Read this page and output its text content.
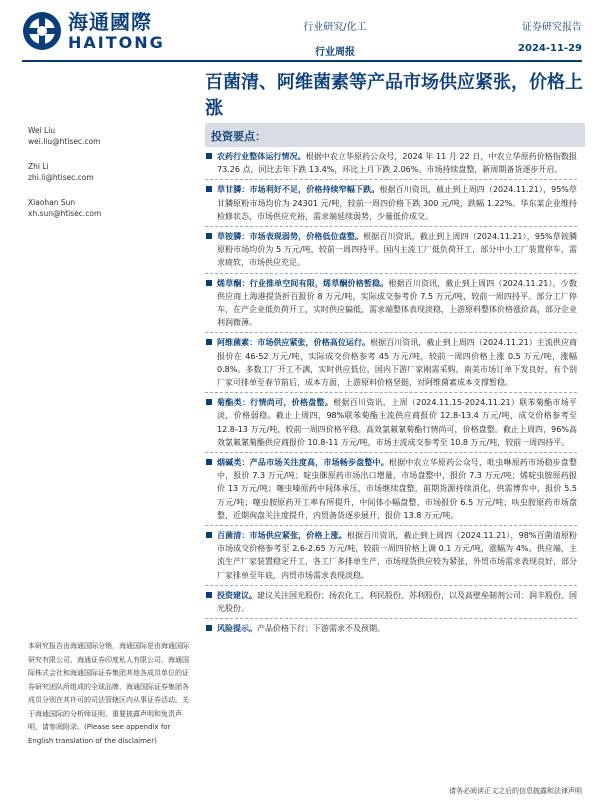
海通國際
HAITONG
行业研究/化工
行业周报
证券研究报告
2024-11-29
百菌清、阿维菌素等产品市场供应紧张，价格上涨
Wei Liu
wei.liu@htisec.com
Zhi Li
zhi.li@htisec.com
Xiaohan Sun
xh.sun@htisec.com
投资要点：
农药行业整体运行情况。根据中农立华原药公众号，2024 年 11 月 22 日，中农立华原药价格指数报 73.26 点，同比去年下跌 13.4%，环比上月下跌 2.06%。市场持续盘整，新周期备货逐步开启。
草甘膦：市场利好不足，价格持续窄幅下跌。根据百川资讯，截止到上周四（2024.11.21），95%草甘膦原粉市场均价为 24301 元/吨，较前一周四价格下跌 300 元/吨，跌幅 1.22%。华东某企业维持检修状态，市场供应充裕，需求端延续弱势，少量低价成交。
草铵膦：市场表现弱势，价格低位盘整。根据百川资讯，截止到上周四（2024.11.21），95%草铵膦原粉市场均价为 5 万元/吨，较前一周四持平。国内主流工厂低负荷开工，部分中小工厂装置停车，需求疲软，市场供应充足。
烯草酮：行业推单空间有限，烯草酮价格暂稳。根据百川资讯，截止到上周四（2024.11.21），少数供应商上海港提货折百报价 8 万元/吨，实际成交参考价 7.5 万元/吨，较前一周四持平。部分工厂停车，在产企业低负荷开工，实时供应偏低，需求端整体表现淡稳，上游原料整体价格涨价高，部分企业利润微薄。
阿维菌素：市场供应紧张，价格高位运行。根据百川资讯，截止到上周四（2024.11.21）主流供应商报价在 46-52 万元/吨，实际成交价格参考 45 万元/吨，较前一周四价格上涨 0.5 万元/吨，涨幅 0.8%。多数工厂开工不满，实时供应低位，国内下游厂家刚需采购，南美市场订单下发良好，有个别厂家可排单至春节前后，成本方面，上游原料价格坚挺，对阿维菌素成本支撑暂稳。
菊酯类：行情尚可，价格盘整。根据百川资讯，上周（2024.11.15-2024.11.21）联苯菊酯市场平淡，价格弱稳。截止上周四，98%联苯菊酯主流供应商报价 12.8-13.4 万元/吨，成交价格参考至 12.8-13 万元/吨，较前一周四价格平稳。高效氯氟氰菊酯行情尚可，价格盘整。截止上周四，96%高效氯氟氰菊酯供应商报价 10.8-11 万元/吨，市场主流成交参考至 10.8 万元/吨，较前一周四持平。
烟碱类：产品市场关注度高，市场畅步盘整中。根据中农立华原药公众号，吡虫啉原药市场稳步盘整中，报价 7.3 万元/吨；啶虫脒原药市场出口增量，市场盘整中，报价 7.3 万元/吨；烯啶虫胺原药报价 13 万元/吨；噻虫嗪原药中间体承压，市场继续盘整，前期货源持续消化，供需博弈中，报价 5.5 万元/吨；噻虫胺原药开工率有所提升，中间体小幅盘整，市场报价 6.5 万元/吨；呋虫胺原药市场盘整，近期询盘关注度提升，内贸备货逐步展开，报价 13.8 万元/吨。
百菌清：市场供应紧张，价格上涨。根据百川资讯，截止到上周四（2024.11.21），98%百菌清原粉市场成交价格参考至 2.6-2.65 万元/吨，较前一周四价格上调 0.1 万元/吨，涨幅为 4%。供应端，主流生产厂家装置稳定开工，各工厂多排单生产，市场现货供应较为紧张，外贸市场需求表现良好，部分厂家排单至年底，内贸市场需求表现淡稳。
投资建议。建议关注国光股份；扬农化工、利民股份、苏利股份，以及高壁垒制剂公司：润丰股份、国光股份。
风险提示。产品价格下行；下游需求不及预期。
本研究报告由海通国际分销，海通国际是由海通国际研究有限公司，海通证券印度私人有限公司，海通国际株式会社和海通国际证券集团其他各成员单位的证券研究团队所组成的全球品牌，海通国际证券集团各成员分别在其许可的司法管辖区内从事证券活动。关于海通国际的分析师证明，重要披露声明和免责声明，请参阅附录。(Please see appendix for English translation of the disclaimer)
请务必阅读正文之后的信息披露和法律声明
